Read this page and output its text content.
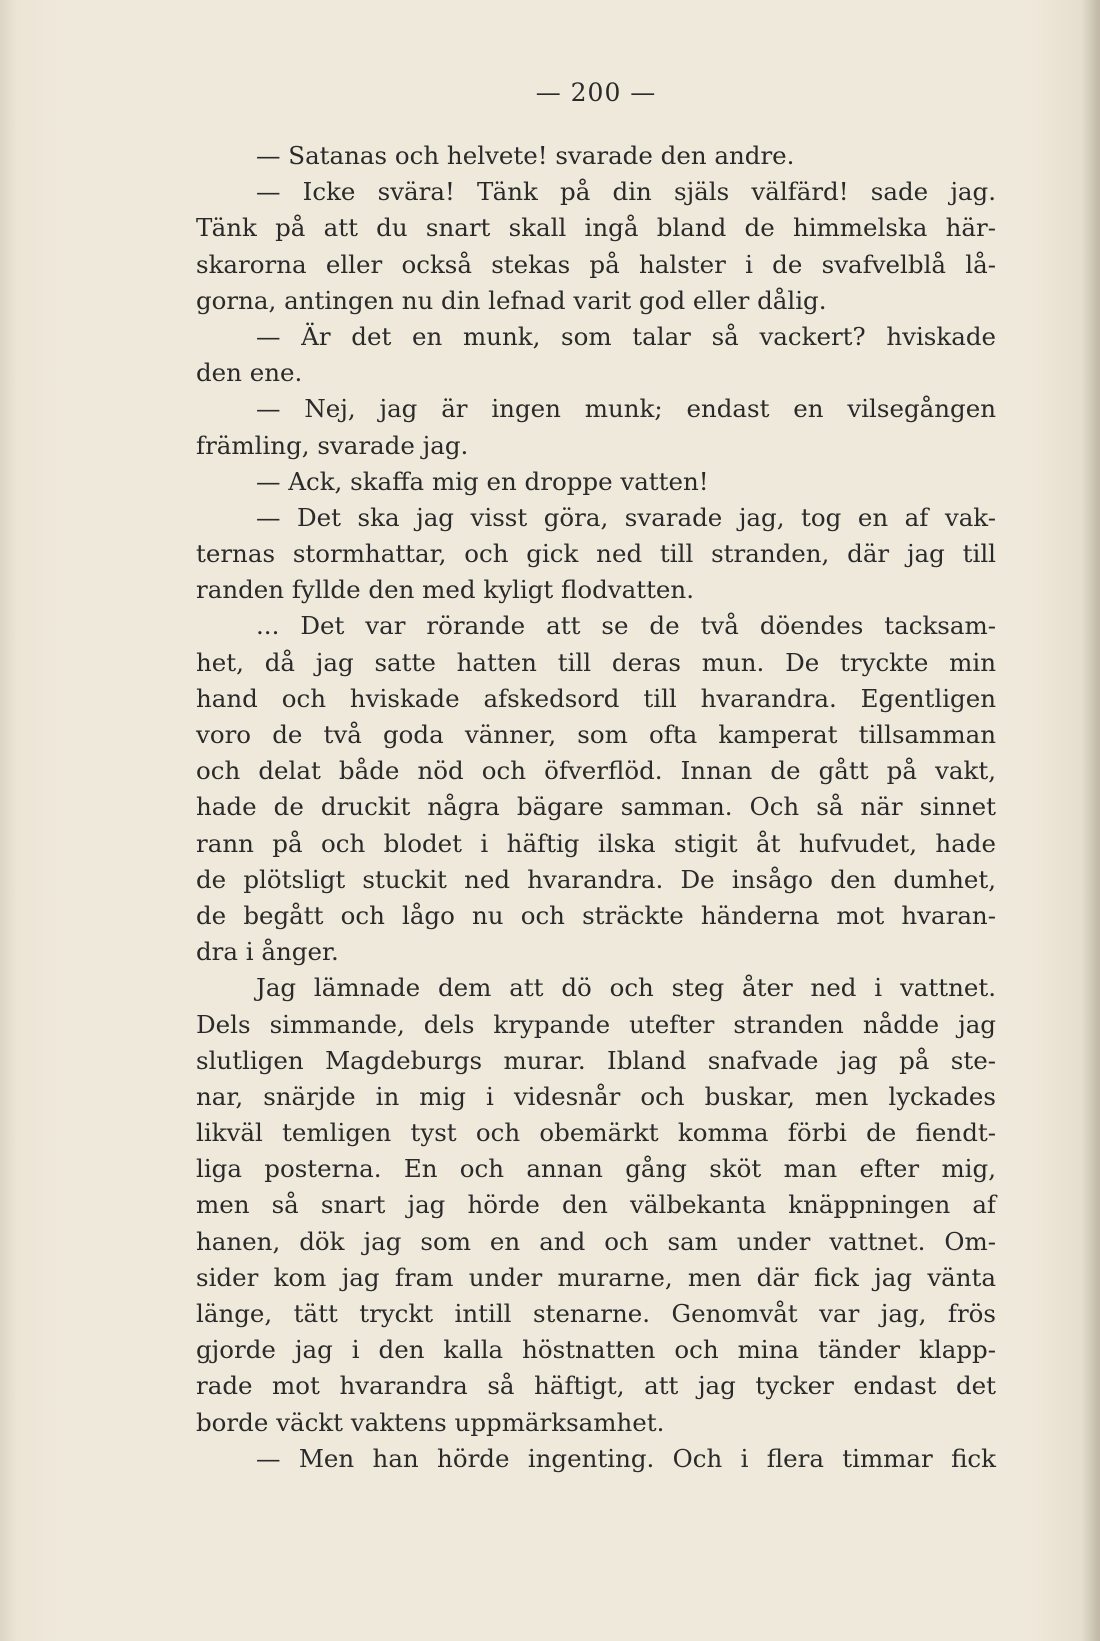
— 200 —
— Satanas och helvete! svarade den andre.
— Icke svära! Tänk på din själs välfärd! sade jag.
Tänk på att du snart skall ingå bland de himmelska här-
skarorna eller också stekas på halster i de svafvelblå lå-
gorna, antingen nu din lefnad varit god eller dålig.
— Är det en munk, som talar så vackert? hviskade
den ene.
— Nej, jag är ingen munk; endast en vilsegången
främling, svarade jag.
— Ack, skaffa mig en droppe vatten!
— Det ska jag visst göra, svarade jag, tog en af vak-
ternas stormhattar, och gick ned till stranden, där jag till
randen fyllde den med kyligt flodvatten.
... Det var rörande att se de två döendes tacksam-
het, då jag satte hatten till deras mun. De tryckte min
hand och hviskade afskedsord till hvarandra. Egentligen
voro de två goda vänner, som ofta kamperat tillsamman
och delat både nöd och öfverflöd. Innan de gått på vakt,
hade de druckit några bägare samman. Och så när sinnet
rann på och blodet i häftig ilska stigit åt hufvudet, hade
de plötsligt stuckit ned hvarandra. De insågo den dumhet,
de begått och lågo nu och sträckte händerna mot hvaran-
dra i ånger.
Jag lämnade dem att dö och steg åter ned i vattnet.
Dels simmande, dels krypande utefter stranden nådde jag
slutligen Magdeburgs murar. Ibland snafvade jag på ste-
nar, snärjde in mig i videsnår och buskar, men lyckades
likväl temligen tyst och obemärkt komma förbi de fiendt-
liga posterna. En och annan gång sköt man efter mig,
men så snart jag hörde den välbekanta knäppningen af
hanen, dök jag som en and och sam under vattnet. Om-
sider kom jag fram under murarne, men där fick jag vänta
länge, tätt tryckt intill stenarne. Genomvåt var jag, frös
gjorde jag i den kalla höstnatten och mina tänder klapp-
rade mot hvarandra så häftigt, att jag tycker endast det
borde väckt vaktens uppmärksamhet.
— Men han hörde ingenting. Och i flera timmar fick
